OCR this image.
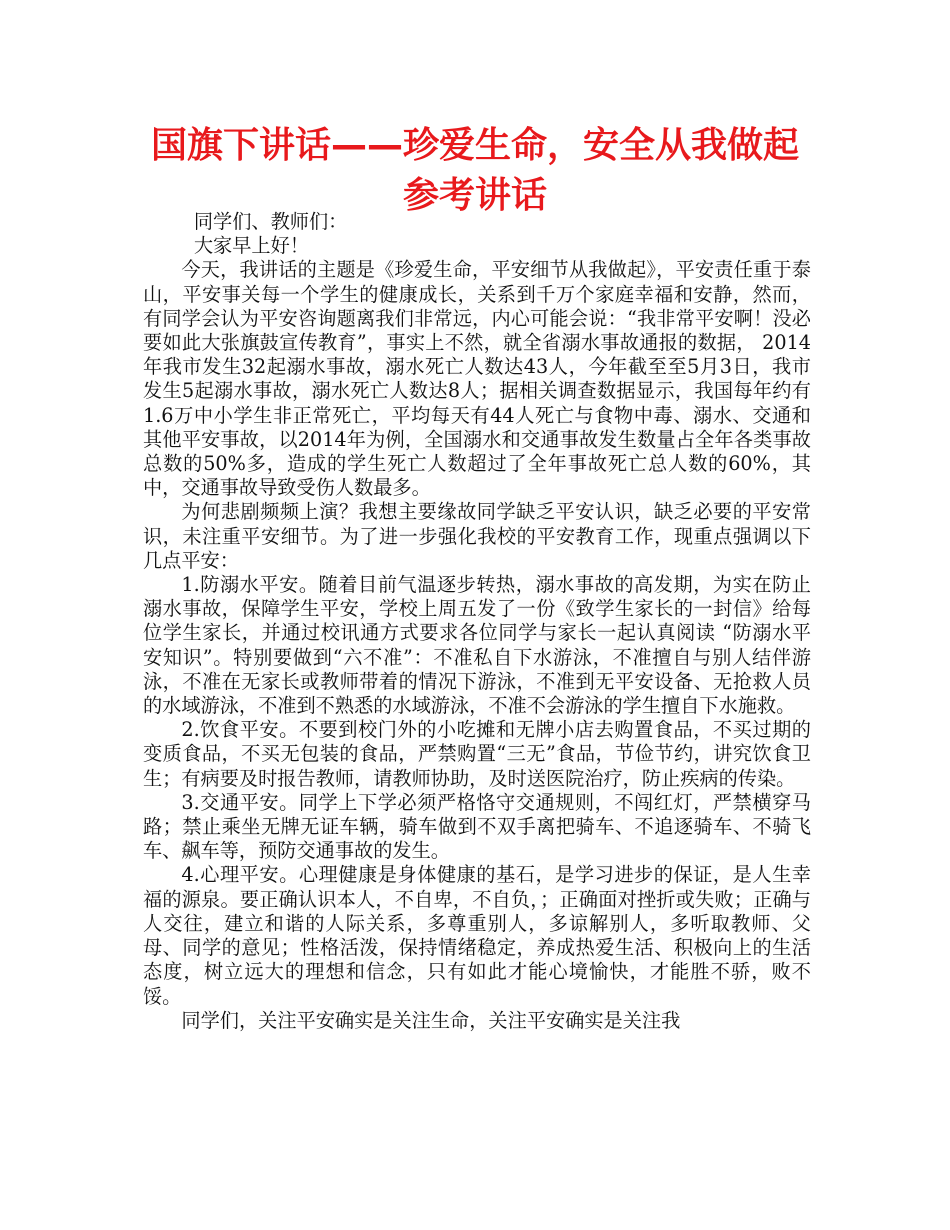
国旗下讲话——珍爱生命，安全从我做起
参考讲话

同学们、教师们：

大家早上好！

今天，我讲话的主题是《珍爱生命，平安细节从我做起》，平安责任重于泰山，平安事关每一个学生的健康成长，关系到千万个家庭幸福和安静，然而，有同学会认为平安咨询题离我们非常远，内心可能会说：“我非常平安啊！没必要如此大张旗鼓宣传教育”，事实上不然，就全省溺水事故通报的数据， 2014年我市发生32起溺水事故，溺水死亡人数达43人，今年截至至5月3日，我市发生5起溺水事故，溺水死亡人数达8人；据相关调查数据显示，我国每年约有1.6万中小学生非正常死亡，平均每天有44人死亡与食物中毒、溺水、交通和其他平安事故，以2014年为例，全国溺水和交通事故发生数量占全年各类事故总数的50%多，造成的学生死亡人数超过了全年事故死亡总人数的60%，其中，交通事故导致受伤人数最多。

为何悲剧频频上演？我想主要缘故同学缺乏平安认识，缺乏必要的平安常识，未注重平安细节。为了进一步强化我校的平安教育工作，现重点强调以下几点平安：

1.防溺水平安。随着目前气温逐步转热，溺水事故的高发期，为实在防止溺水事故，保障学生平安，学校上周五发了一份《致学生家长的一封信》给每位学生家长，并通过校讯通方式要求各位同学与家长一起认真阅读 “防溺水平安知识”。特别要做到“六不准”：不准私自下水游泳，不准擅自与别人结伴游泳，不准在无家长或教师带着的情况下游泳，不准到无平安设备、无抢救人员的水域游泳，不准到不熟悉的水域游泳，不准不会游泳的学生擅自下水施救。

2.饮食平安。不要到校门外的小吃摊和无牌小店去购置食品，不买过期的变质食品，不买无包装的食品，严禁购置“三无”食品，节俭节约，讲究饮食卫生；有病要及时报告教师，请教师协助，及时送医院治疗，防止疾病的传染。

3.交通平安。同学上下学必须严格恪守交通规则，不闯红灯，严禁横穿马路；禁止乘坐无牌无证车辆，骑车做到不双手离把骑车、不追逐骑车、不骑飞车、飙车等，预防交通事故的发生。

4.心理平安。心理健康是身体健康的基石，是学习进步的保证，是人生幸福的源泉。要正确认识本人，不自卑，不自负，；正确面对挫折或失败；正确与人交往，建立和谐的人际关系，多尊重别人，多谅解别人，多听取教师、父母、同学的意见；性格活泼，保持情绪稳定，养成热爱生活、积极向上的生活态度，树立远大的理想和信念，只有如此才能心境愉快，才能胜不骄，败不馁。

同学们，关注平安确实是关注生命，关注平安确实是关注我
